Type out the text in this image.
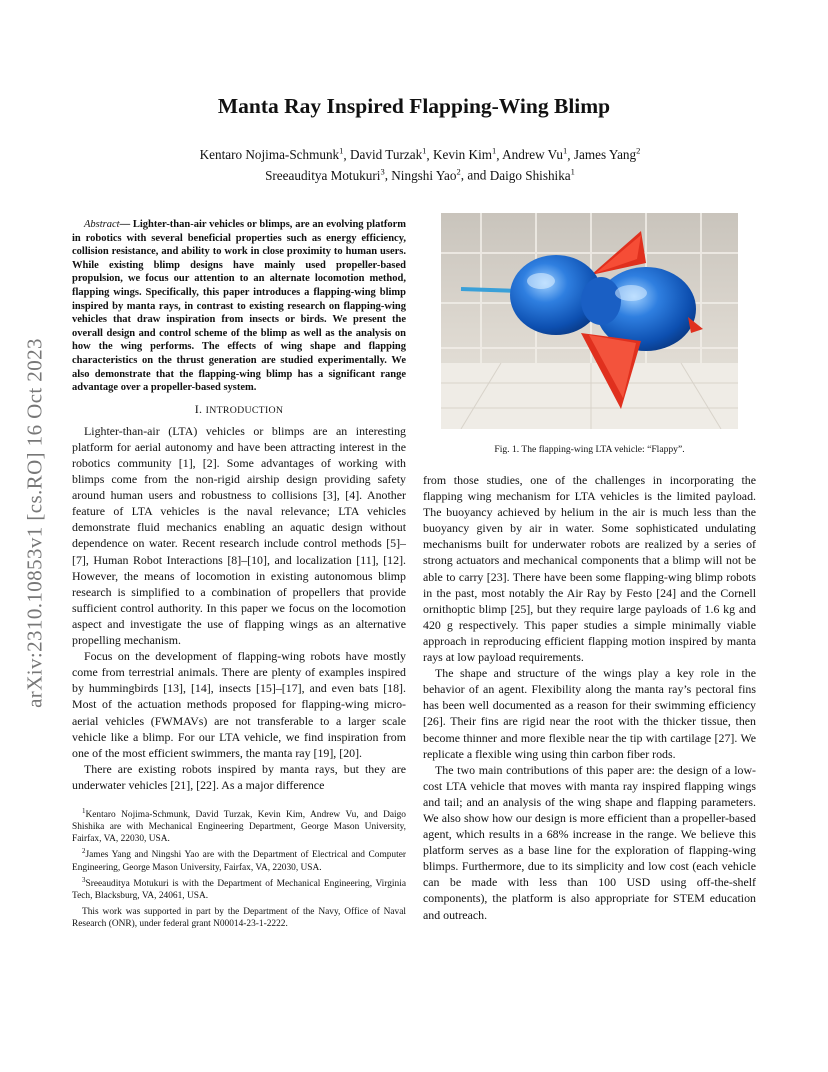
arXiv:2310.10853v1 [cs.RO] 16 Oct 2023
Manta Ray Inspired Flapping-Wing Blimp
Kentaro Nojima-Schmunk$^1$, David Turzak$^1$, Kevin Kim$^1$, Andrew Vu$^1$, James Yang$^2$
Sreeauditya Motukuri$^3$, Ningshi Yao$^2$, and Daigo Shishika$^1$

Abstract— Lighter-than-air vehicles or blimps, are an evolving platform in robotics with several beneficial properties such as energy efficiency, collision resistance, and ability to work in close proximity to human users. While existing blimp designs have mainly used propeller-based propulsion, we focus our attention to an alternate locomotion method, flapping wings. Specifically, this paper introduces a flapping-wing blimp inspired by manta rays, in contrast to existing research on flapping-wing vehicles that draw inspiration from insects or birds. We present the overall design and control scheme of the blimp as well as the analysis on how the wing performs. The effects of wing shape and flapping characteristics on the thrust generation are studied experimentally. We also demonstrate that the flapping-wing blimp has a significant range advantage over a propeller-based system.

I. INTRODUCTION

Lighter-than-air (LTA) vehicles or blimps are an interesting platform for aerial autonomy and have been attracting interest in the robotics community [1], [2]. Some advantages of working with blimps come from the non-rigid airship design providing safety around human users and robustness to collisions [3], [4]. Another feature of LTA vehicles is the naval relevance; LTA vehicles demonstrate fluid mechanics enabling an aquatic design without dependence on water. Recent research include control methods [5]–[7], Human Robot Interactions [8]–[10], and localization [11], [12]. However, the means of locomotion in existing autonomous blimp research is simplified to a combination of propellers that provide sufficient control authority. In this paper we focus on the locomotion aspect and investigate the use of flapping wings as an alternative propelling mechanism.

Focus on the development of flapping-wing robots have mostly come from terrestrial animals. There are plenty of examples inspired by hummingbirds [13], [14], insects [15]–[17], and even bats [18]. Most of the actuation methods proposed for flapping-wing micro-aerial vehicles (FWMAVs) are not transferable to a larger scale vehicle like a blimp. For our LTA vehicle, we find inspiration from one of the most efficient swimmers, the manta ray [19], [20].

There are existing robots inspired by manta rays, but they are underwater vehicles [21], [22]. As a major difference

$^1$Kentaro Nojima-Schmunk, David Turzak, Kevin Kim, Andrew Vu, and Daigo Shishika are with Mechanical Engineering Department, George Mason University, Fairfax, VA, 22030, USA.

$^2$James Yang and Ningshi Yao are with the Department of Electrical and Computer Engineering, George Mason University, Fairfax, VA, 22030, USA.

$^3$Sreeauditya Motukuri is with the Department of Mechanical Engineering, Virginia Tech, Blacksburg, VA, 24061, USA.

This work was supported in part by the Department of the Navy, Office of Naval Research (ONR), under federal grant N00014-23-1-2222.

Fig. 1. The flapping-wing LTA vehicle: “Flappy”.

from those studies, one of the challenges in incorporating the flapping wing mechanism for LTA vehicles is the limited payload. The buoyancy achieved by helium in the air is much less than the buoyancy given by air in water. Some sophisticated undulating mechanisms built for underwater robots are realized by a series of strong actuators and mechanical components that a blimp will not be able to carry [23]. There have been some flapping-wing blimp robots in the past, most notably the Air Ray by Festo [24] and the Cornell ornithoptic blimp [25], but they require large payloads of 1.6 kg and 420 g respectively. This paper studies a simple minimally viable approach in reproducing efficient flapping motion inspired by manta rays at low payload requirements.

The shape and structure of the wings play a key role in the behavior of an agent. Flexibility along the manta ray’s pectoral fins has been well documented as a reason for their swimming efficiency [26]. Their fins are rigid near the root with the thicker tissue, then become thinner and more flexible near the tip with cartilage [27]. We replicate a flexible wing using thin carbon fiber rods.

The two main contributions of this paper are: the design of a low-cost LTA vehicle that moves with manta ray inspired flapping wings and tail; and an analysis of the wing shape and flapping parameters. We also show how our design is more efficient than a propeller-based agent, which results in a 68% increase in the range. We believe this platform serves as a base line for the exploration of flapping-wing blimps. Furthermore, due to its simplicity and low cost (each vehicle can be made with less than 100 USD using off-the-shelf components), the platform is also appropriate for STEM education and outreach.
